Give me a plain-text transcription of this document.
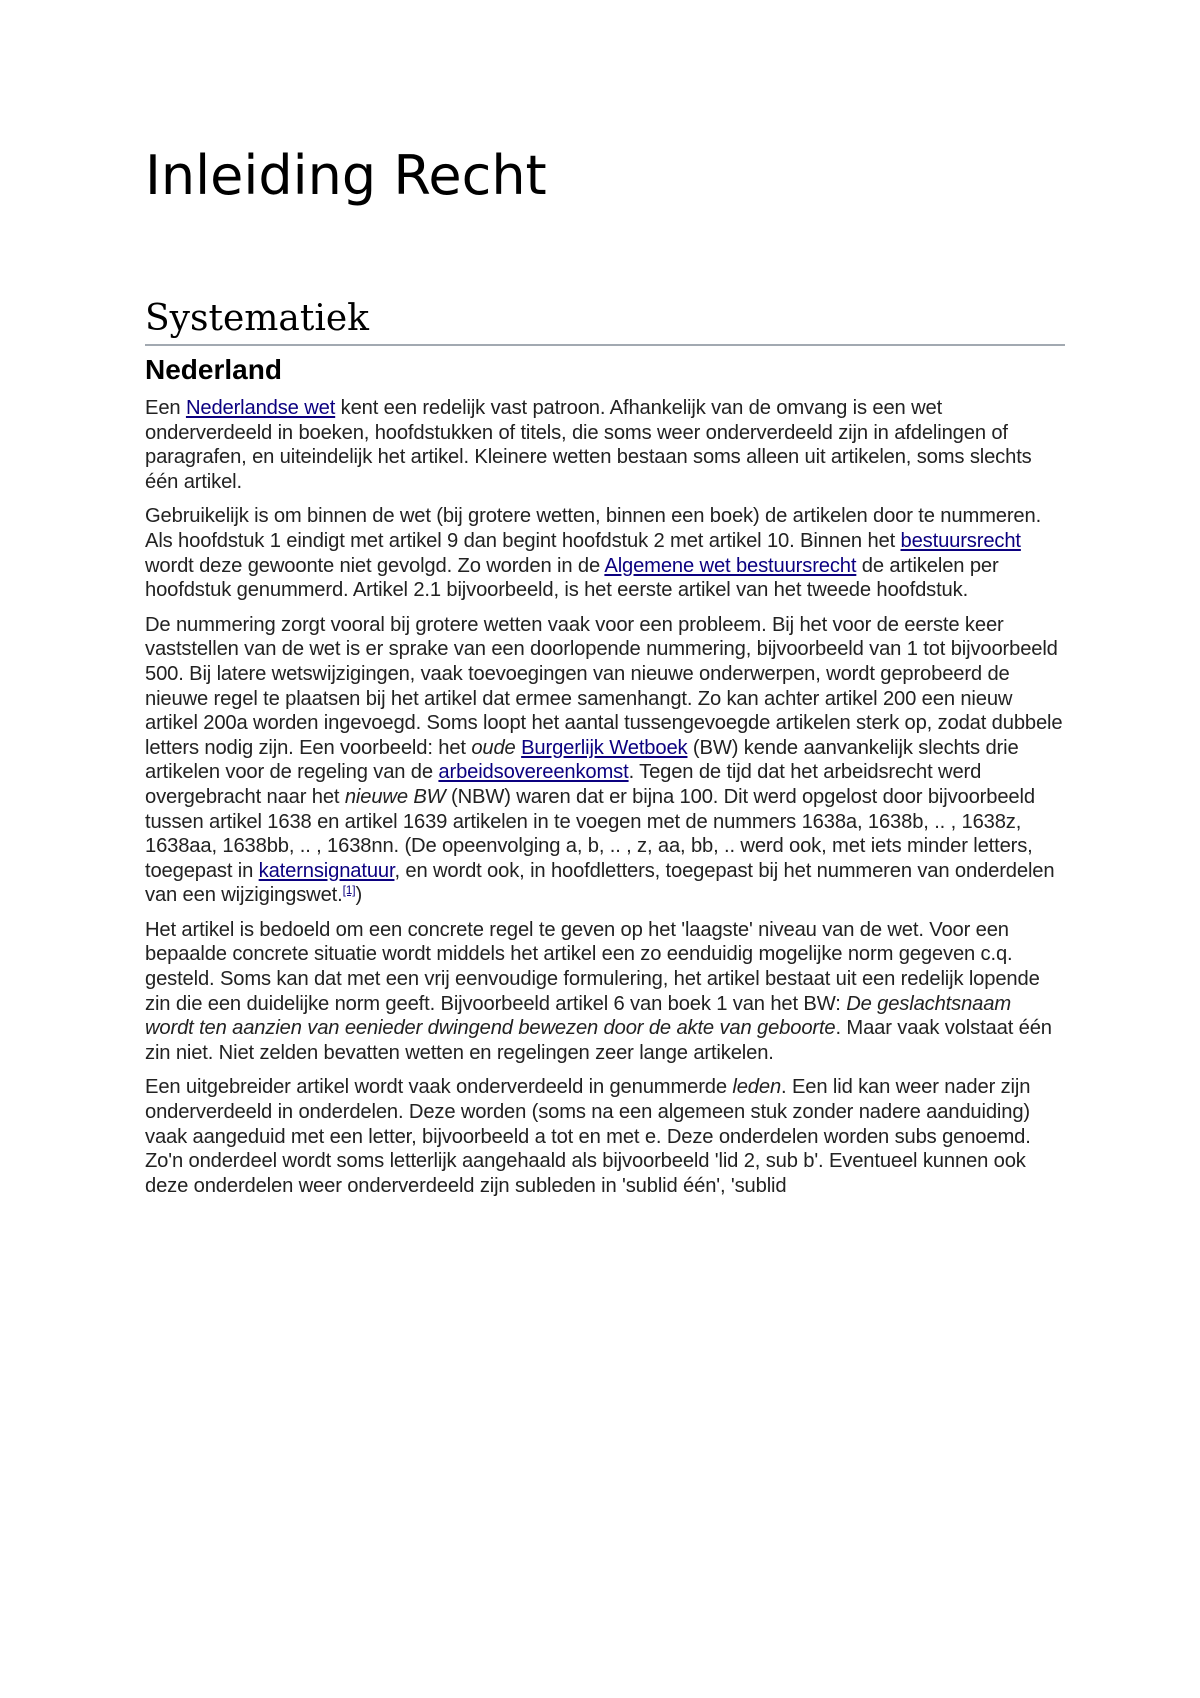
Inleiding Recht
Systematiek
Nederland

Een Nederlandse wet kent een redelijk vast patroon. Afhankelijk van de omvang is een wet onderverdeeld in boeken, hoofdstukken of titels, die soms weer onderverdeeld zijn in afdelingen of paragrafen, en uiteindelijk het artikel. Kleinere wetten bestaan soms alleen uit artikelen, soms slechts één artikel.

Gebruikelijk is om binnen de wet (bij grotere wetten, binnen een boek) de artikelen door te nummeren. Als hoofdstuk 1 eindigt met artikel 9 dan begint hoofdstuk 2 met artikel 10. Binnen het bestuursrecht wordt deze gewoonte niet gevolgd. Zo worden in de Algemene wet bestuursrecht de artikelen per hoofdstuk genummerd. Artikel 2.1 bijvoorbeeld, is het eerste artikel van het tweede hoofdstuk.

De nummering zorgt vooral bij grotere wetten vaak voor een probleem. Bij het voor de eerste keer vaststellen van de wet is er sprake van een doorlopende nummering, bijvoorbeeld van 1 tot bijvoorbeeld 500. Bij latere wetswijzigingen, vaak toevoegingen van nieuwe onderwerpen, wordt geprobeerd de nieuwe regel te plaatsen bij het artikel dat ermee samenhangt. Zo kan achter artikel 200 een nieuw artikel 200a worden ingevoegd. Soms loopt het aantal tussengevoegde artikelen sterk op, zodat dubbele letters nodig zijn. Een voorbeeld: het oude Burgerlijk Wetboek (BW) kende aanvankelijk slechts drie artikelen voor de regeling van de arbeidsovereenkomst. Tegen de tijd dat het arbeidsrecht werd overgebracht naar het nieuwe BW (NBW) waren dat er bijna 100. Dit werd opgelost door bijvoorbeeld tussen artikel 1638 en artikel 1639 artikelen in te voegen met de nummers 1638a, 1638b, .. , 1638z, 1638aa, 1638bb, .. , 1638nn. (De opeenvolging a, b, .. , z, aa, bb, .. werd ook, met iets minder letters, toegepast in katernsignatuur, en wordt ook, in hoofdletters, toegepast bij het nummeren van onderdelen van een wijzigingswet.[1])

Het artikel is bedoeld om een concrete regel te geven op het 'laagste' niveau van de wet. Voor een bepaalde concrete situatie wordt middels het artikel een zo eenduidig mogelijke norm gegeven c.q. gesteld. Soms kan dat met een vrij eenvoudige formulering, het artikel bestaat uit een redelijk lopende zin die een duidelijke norm geeft. Bijvoorbeeld artikel 6 van boek 1 van het BW: De geslachtsnaam wordt ten aanzien van eenieder dwingend bewezen door de akte van geboorte. Maar vaak volstaat één zin niet. Niet zelden bevatten wetten en regelingen zeer lange artikelen.

Een uitgebreider artikel wordt vaak onderverdeeld in genummerde leden. Een lid kan weer nader zijn onderverdeeld in onderdelen. Deze worden (soms na een algemeen stuk zonder nadere aanduiding) vaak aangeduid met een letter, bijvoorbeeld a tot en met e. Deze onderdelen worden subs genoemd. Zo'n onderdeel wordt soms letterlijk aangehaald als bijvoorbeeld 'lid 2, sub b'. Eventueel kunnen ook deze onderdelen weer onderverdeeld zijn subleden in 'sublid één', 'sublid
